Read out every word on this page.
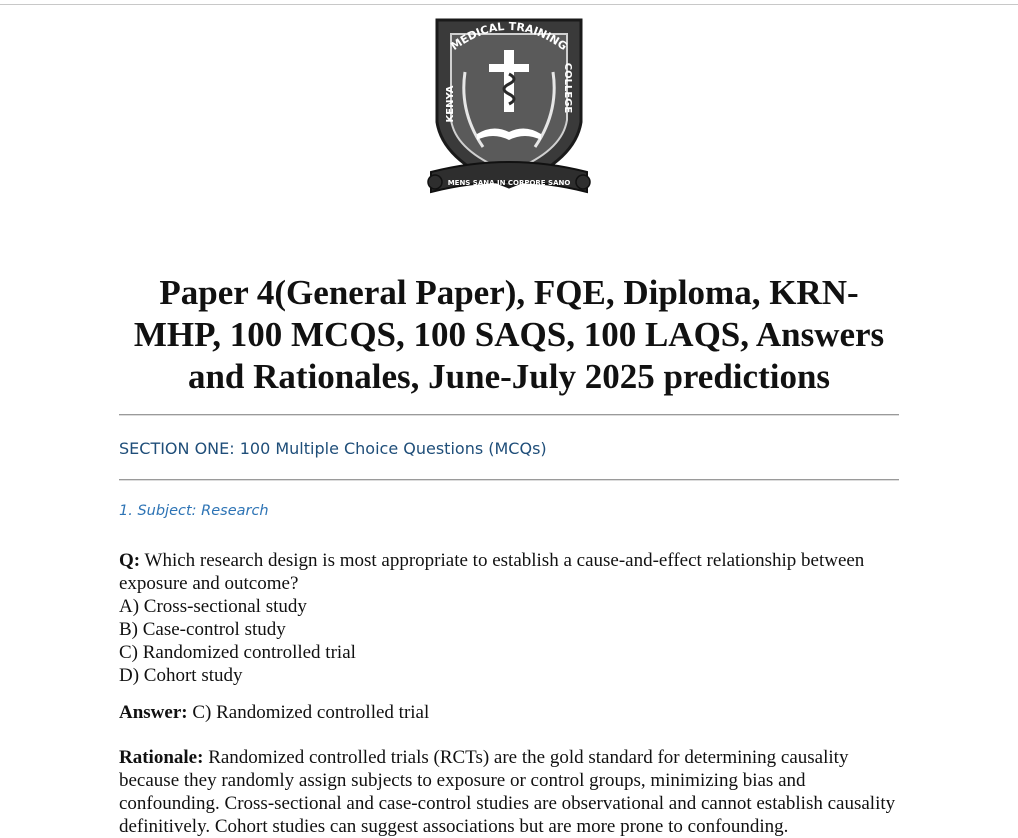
MEDICAL TRAINING
KENYA	COLLEGE
MENS SANA IN CORPORE SANO
Paper 4(General Paper), FQE, Diploma, KRN-MHP, 100 MCQS, 100 SAQS, 100 LAQS, Answers and Rationales, June-July 2025 predictions
SECTION ONE: 100 Multiple Choice Questions (MCQs)
1. Subject: Research

Q: Which research design is most appropriate to establish a cause-and-effect relationship between exposure and outcome?

A) Cross-sectional study
B) Case-control study
C) Randomized controlled trial
D) Cohort study

Answer: C) Randomized controlled trial

Rationale: Randomized controlled trials (RCTs) are the gold standard for determining causality because they randomly assign subjects to exposure or control groups, minimizing bias and confounding. Cross-sectional and case-control studies are observational and cannot establish causality definitively. Cohort studies can suggest associations but are more prone to confounding.
